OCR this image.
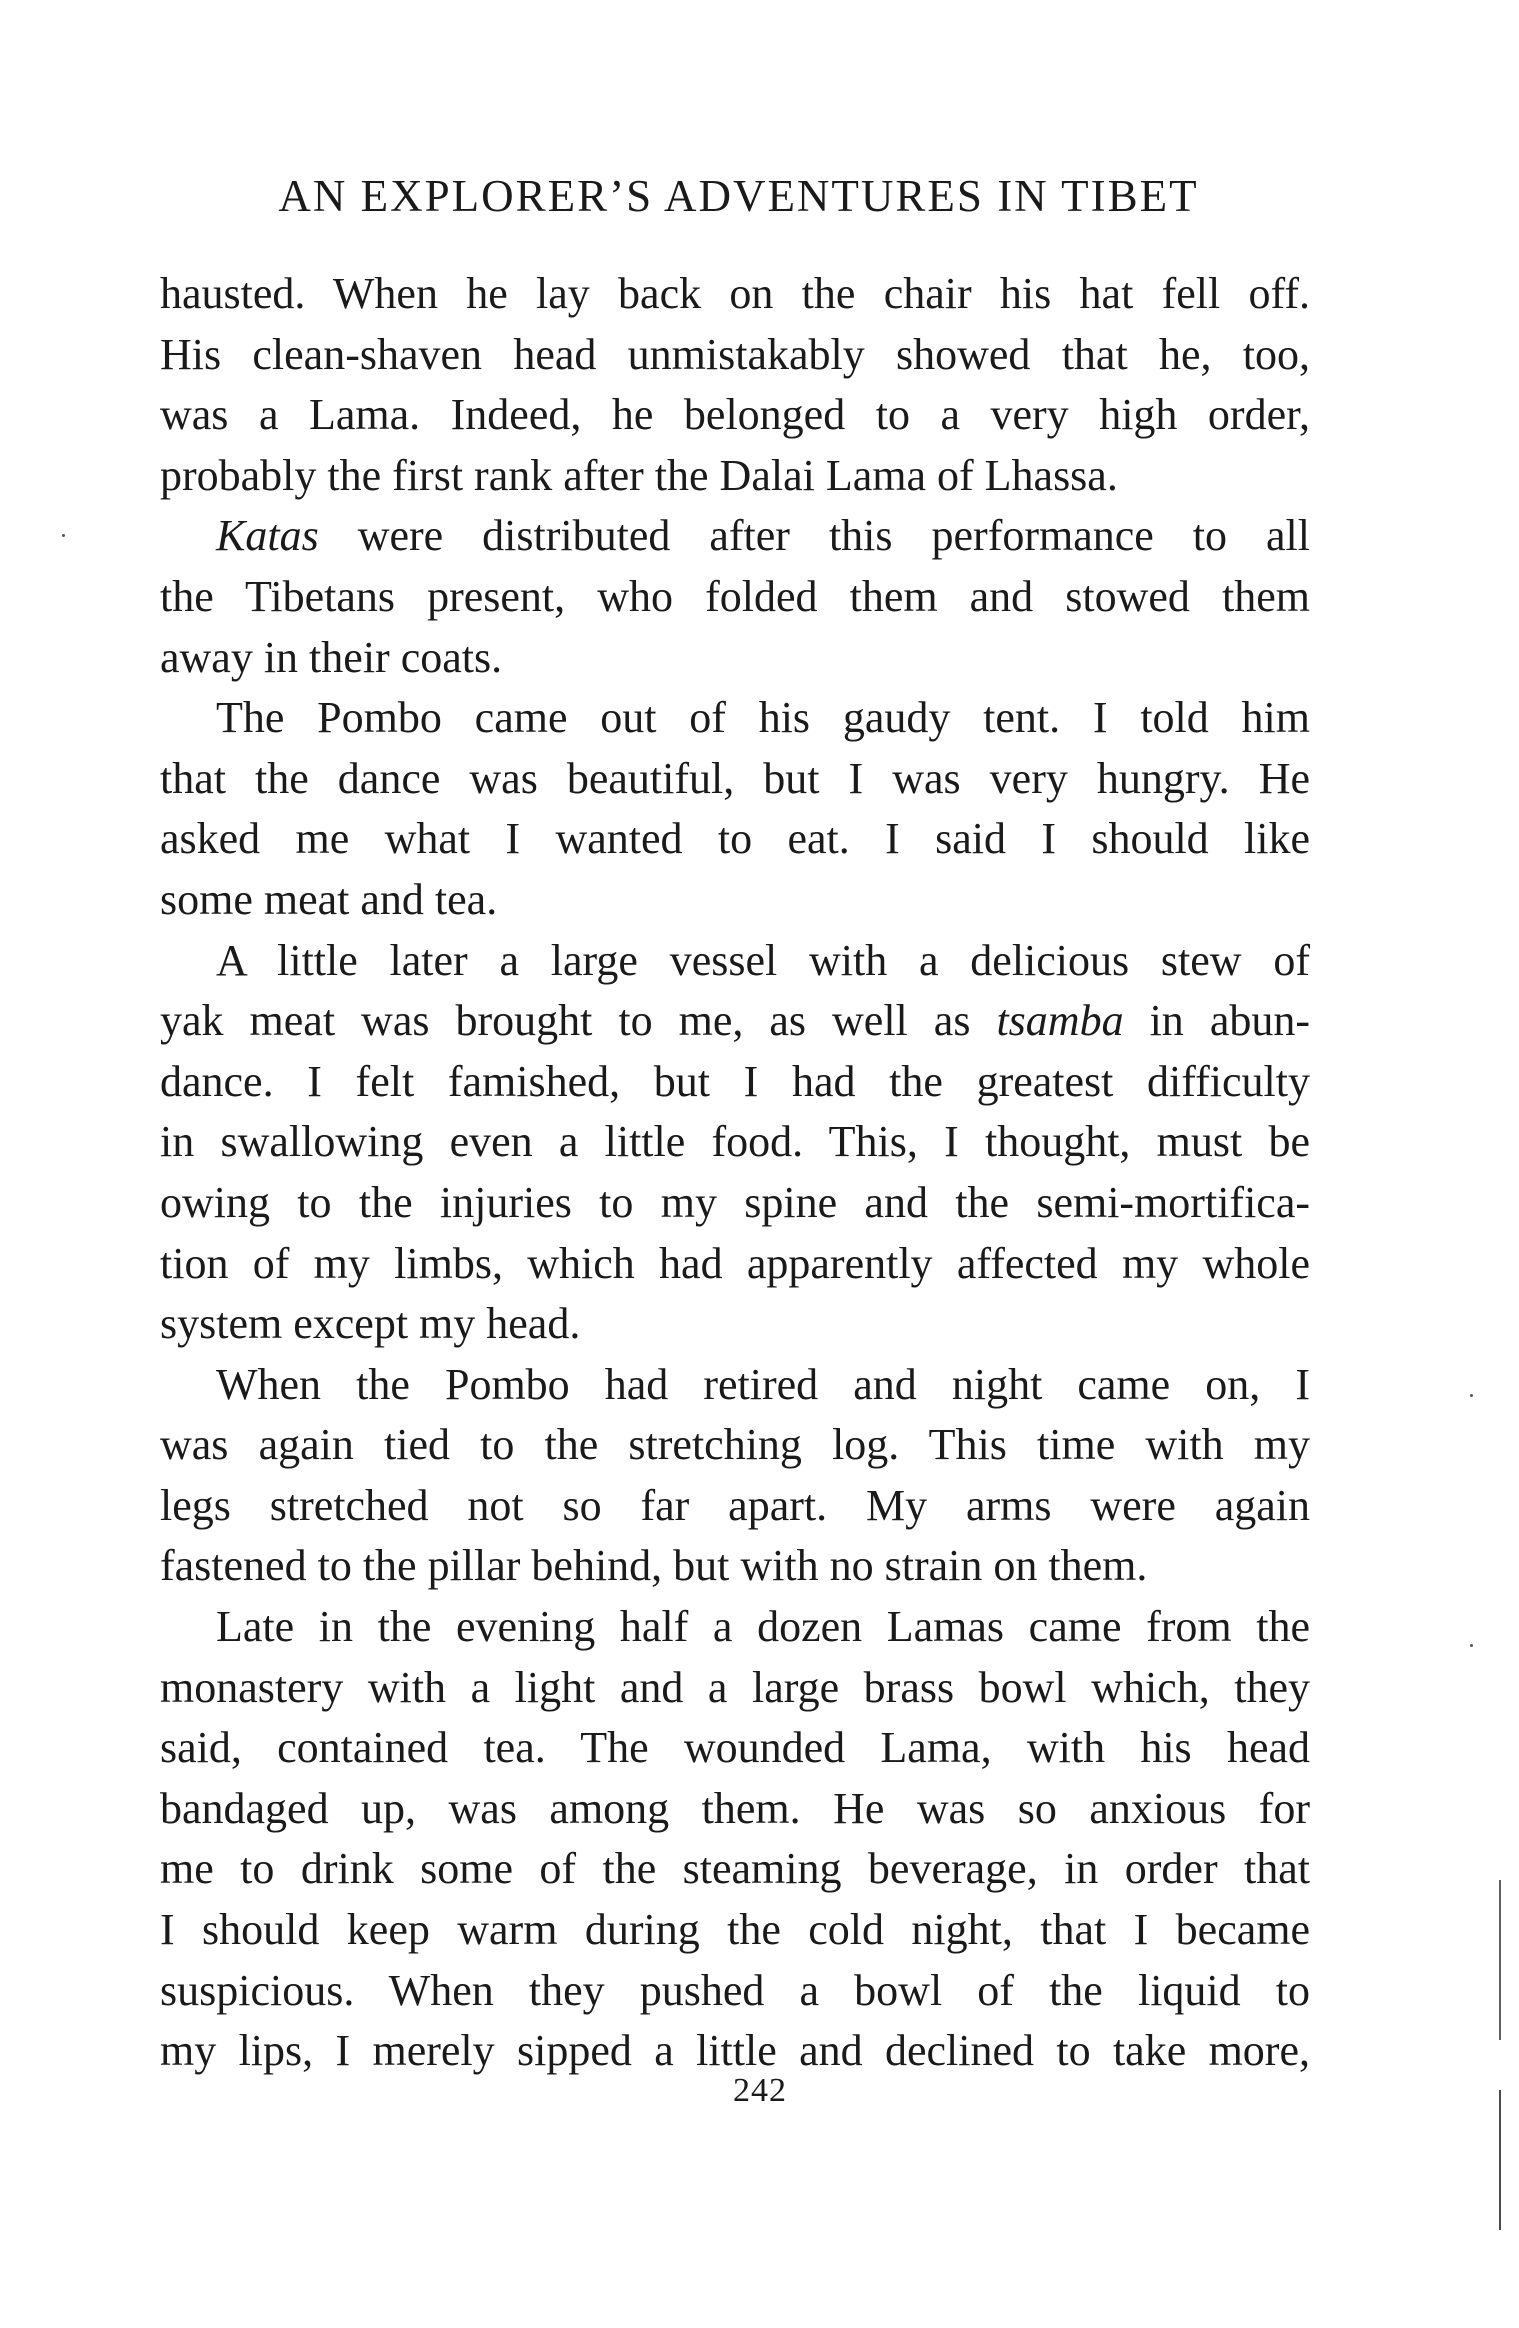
AN EXPLORER’S ADVENTURES IN TIBET
hausted. When he lay back on the chair his hat fell off.
His clean-shaven head unmistakably showed that he, too,
was a Lama. Indeed, he belonged to a very high order,
probably the first rank after the Dalai Lama of Lhassa.
Katas were distributed after this performance to all
the Tibetans present, who folded them and stowed them
away in their coats.
The Pombo came out of his gaudy tent. I told him
that the dance was beautiful, but I was very hungry. He
asked me what I wanted to eat. I said I should like
some meat and tea.
A little later a large vessel with a delicious stew of
yak meat was brought to me, as well as tsamba in abun-
dance. I felt famished, but I had the greatest difficulty
in swallowing even a little food. This, I thought, must be
owing to the injuries to my spine and the semi-mortifica-
tion of my limbs, which had apparently affected my whole
system except my head.
When the Pombo had retired and night came on, I
was again tied to the stretching log. This time with my
legs stretched not so far apart. My arms were again
fastened to the pillar behind, but with no strain on them.
Late in the evening half a dozen Lamas came from the
monastery with a light and a large brass bowl which, they
said, contained tea. The wounded Lama, with his head
bandaged up, was among them. He was so anxious for
me to drink some of the steaming beverage, in order that
I should keep warm during the cold night, that I became
suspicious. When they pushed a bowl of the liquid to
my lips, I merely sipped a little and declined to take more,
242
